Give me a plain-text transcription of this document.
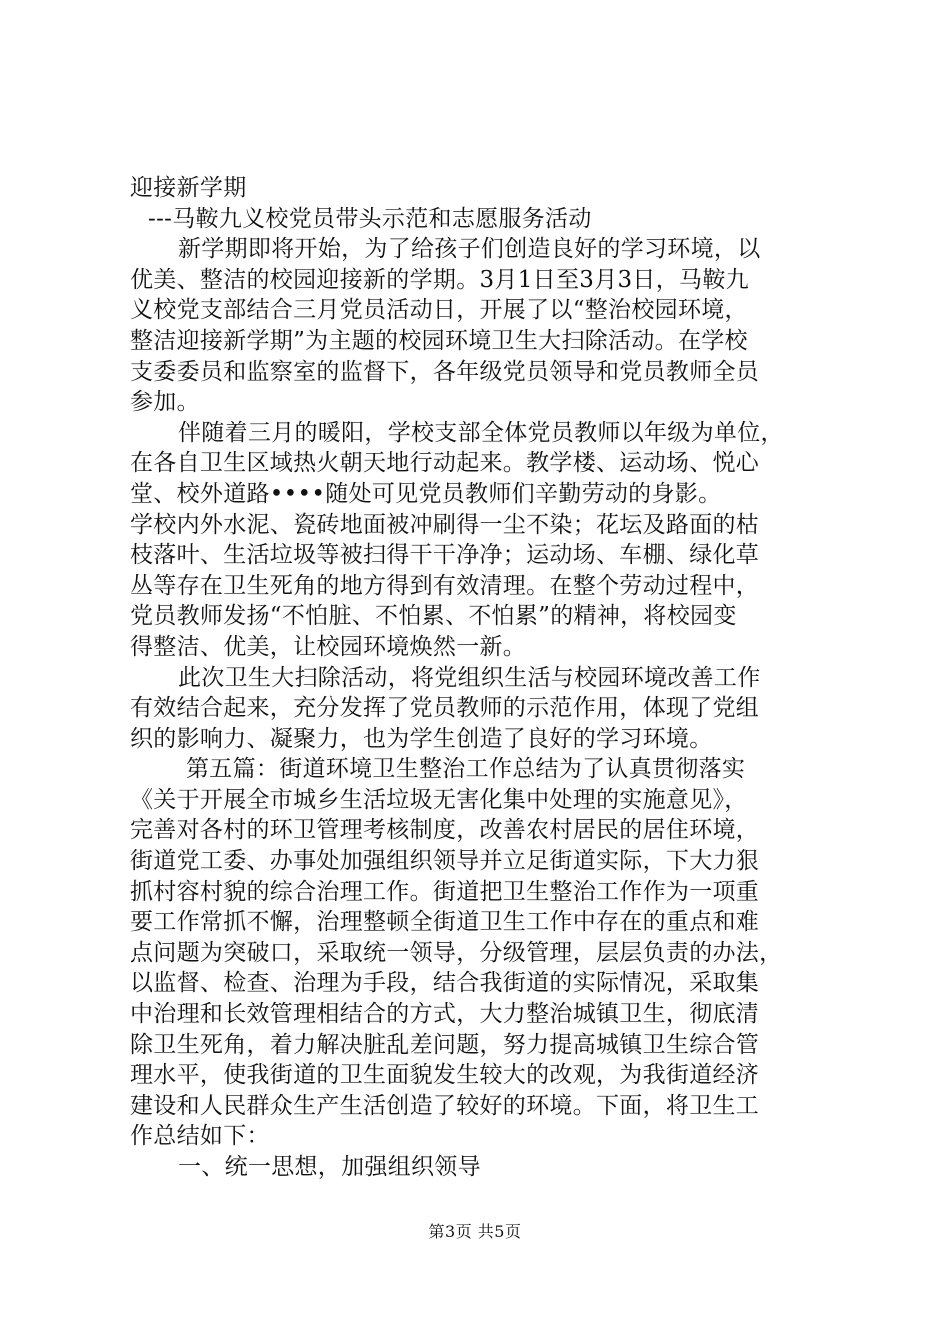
迎接新学期
---马鞍九义校党员带头示范和志愿服务活动
新学期即将开始，为了给孩子们创造良好的学习环境，以
优美、整洁的校园迎接新的学期。3月1日至3月3日，马鞍九
义校党支部结合三月党员活动日，开展了以“整治校园环境，
整洁迎接新学期”为主题的校园环境卫生大扫除活动。在学校
支委委员和监察室的监督下，各年级党员领导和党员教师全员
参加。
伴随着三月的暖阳，学校支部全体党员教师以年级为单位，
在各自卫生区域热火朝天地行动起来。教学楼、运动场、悦心
堂、校外道路••••随处可见党员教师们辛勤劳动的身影。
学校内外水泥、瓷砖地面被冲刷得一尘不染；花坛及路面的枯
枝落叶、生活垃圾等被扫得干干净净；运动场、车棚、绿化草
丛等存在卫生死角的地方得到有效清理。在整个劳动过程中，
党员教师发扬“不怕脏、不怕累、不怕累”的精神，将校园变
得整洁、优美，让校园环境焕然一新。
此次卫生大扫除活动，将党组织生活与校园环境改善工作
有效结合起来，充分发挥了党员教师的示范作用，体现了党组
织的影响力、凝聚力，也为学生创造了良好的学习环境。
第五篇：街道环境卫生整治工作总结为了认真贯彻落实
《关于开展全市城乡生活垃圾无害化集中处理的实施意见》，
完善对各村的环卫管理考核制度，改善农村居民的居住环境，
街道党工委、办事处加强组织领导并立足街道实际，下大力狠
抓村容村貌的综合治理工作。街道把卫生整治工作作为一项重
要工作常抓不懈，治理整顿全街道卫生工作中存在的重点和难
点问题为突破口，采取统一领导，分级管理，层层负责的办法，
以监督、检查、治理为手段，结合我街道的实际情况，采取集
中治理和长效管理相结合的方式，大力整治城镇卫生，彻底清
除卫生死角，着力解决脏乱差问题，努力提高城镇卫生综合管
理水平，使我街道的卫生面貌发生较大的改观，为我街道经济
建设和人民群众生产生活创造了较好的环境。下面，将卫生工
作总结如下：
一、统一思想，加强组织领导
第3页 共5页
